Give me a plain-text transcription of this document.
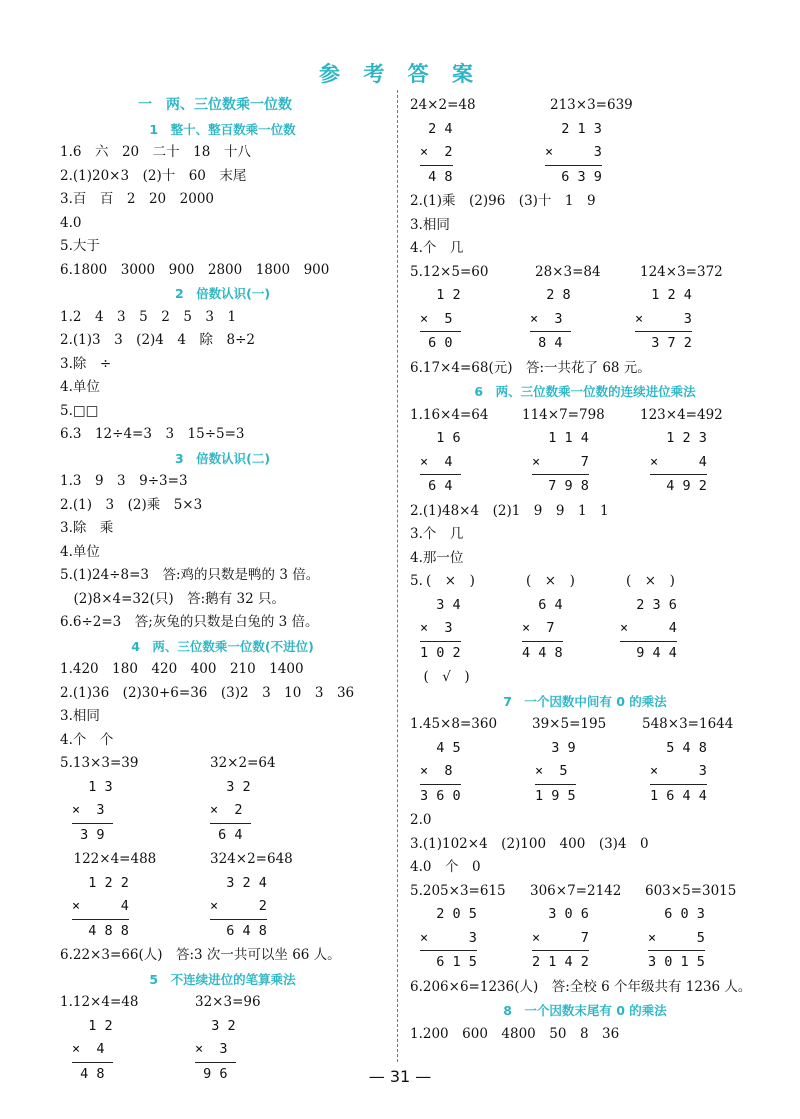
参 考 答 案
一　两、三位数乘一位数
1　整十、整百数乘一位数
1.6　六　20　二十　18　十八
2.(1)20×3　(2)十　60　末尾
3.百　百　2　20　2000
4.0
5.大于
6.1800　3000　900　2800　1800　900
2　倍数认识(一)
1.2　4　3　5　2　5　3　1
2.(1)3　3　(2)4　4　除　8÷2
3.除　÷
4.单位
5.□□
6.3　12÷4=3　3　15÷5=3
3　倍数认识(二)
1.3　9　3　9÷3=3
2.(1)　3　(2)乘　5×3
3.除　乘
4.单位
5.(1)24÷8=3　答:鸡的只数是鸭的 3 倍。
　(2)8×4=32(只)　答:鹅有 32 只。
6.6÷2=3　答;灰兔的只数是白兔的 3 倍。
4　两、三位数乘一位数(不进位)
1.420　180　420　400　210　1400
2.(1)36　(2)30+6=36　(3)2　3　10　3　36
3.相同
4.个　个
5.13×3=39	32×2=64
1 3
×  3
3 9
3 2
×  2
6 4
　122×4=488	324×2=648
1 2 2
×     4
4 8 8
3 2 4
×     2
6 4 8
6.22×3=66(人)　答:3 次一共可以坐 66 人。
5　不连续进位的笔算乘法
1.12×4=48	32×3=96
1 2
×  4
4 8
3 2
×  3
9 6
24×2=48	213×3=639
2 4
×  2
4 8
2 1 3
×     3
6 3 9
2.(1)乘　(2)96　(3)十　1　9
3.相同
4.个　几
5.12×5=60	28×3=84	124×3=372
1 2
×  5
6 0
2 8
×  3
8 4
1 2 4
×     3
3 7 2
6.17×4=68(元)　答:一共花了 68 元。
6　两、三位数乘一位数的连续进位乘法
1.16×4=64	114×7=798	123×4=492
1 6
×  4
6 4
1 1 4
×     7
7 9 8
1 2 3
×     4
4 9 2
2.(1)48×4　(2)1　9　9　1　1
3.个　几
4.那一位
5. (　×　)	(　×　)	(　×　)
3 4
×  3
1 0 2
6 4
×  7
4 4 8
2 3 6
×     4
9 4 4
　(　√　)
7　一个因数中间有 0 的乘法
1.45×8=360	39×5=195	548×3=1644
4 5
×  8
3 6 0
3 9
×  5
1 9 5
5 4 8
×     3
1 6 4 4
2.0
3.(1)102×4　(2)100　400　(3)4　0
4.0　个　0
5.205×3=615	306×7=2142	603×5=3015
2 0 5
×     3
6 1 5
3 0 6
×     7
2 1 4 2
6 0 3
×     5
3 0 1 5
6.206×6=1236(人)　答:全校 6 个年级共有 1236 人。
8　一个因数末尾有 0 的乘法
1.200　600　4800　50　8　36
— 31 —
